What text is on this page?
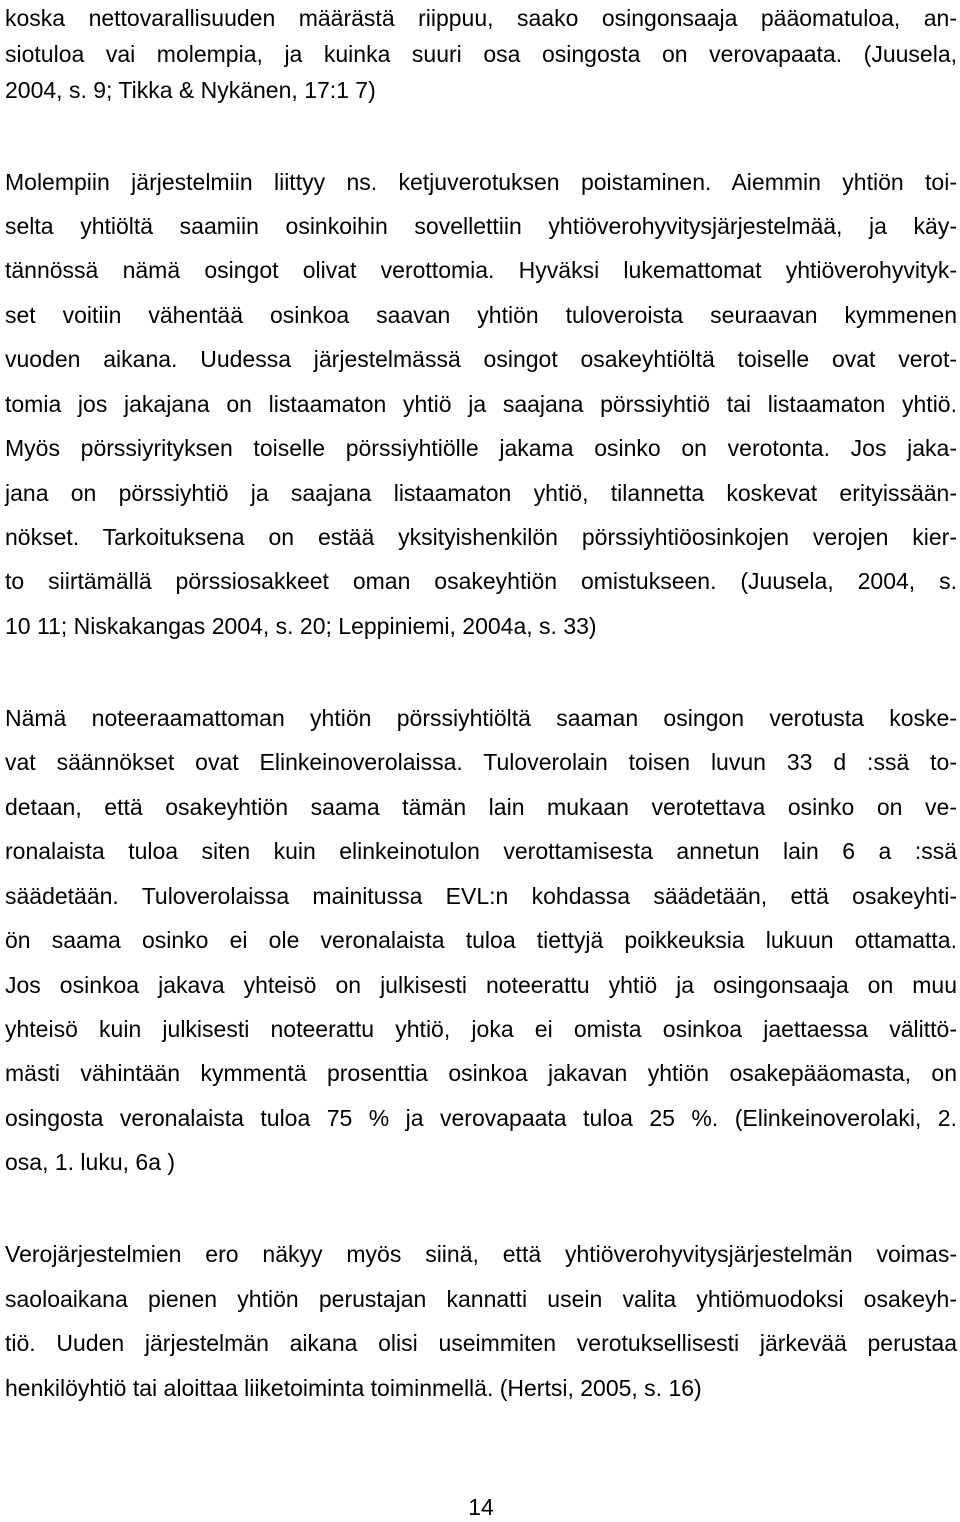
koska nettovarallisuuden määrästä riippuu, saako osingonsaaja pääomatuloa, an-
siotuloa vai molempia, ja kuinka suuri osa osingosta on verovapaata. (Juusela,
2004, s. 9; Tikka & Nykänen, 17:1 7)
Molempiin järjestelmiin liittyy ns. ketjuverotuksen poistaminen. Aiemmin yhtiön toi-
selta yhtiöltä saamiin osinkoihin sovellettiin yhtiöverohyvitysjärjestelmää, ja käy-
tännössä nämä osingot olivat verottomia. Hyväksi lukemattomat yhtiöverohyvityk-
set voitiin vähentää osinkoa saavan yhtiön tuloveroista seuraavan kymmenen
vuoden aikana. Uudessa järjestelmässä osingot osakeyhtiöltä toiselle ovat verot-
tomia jos jakajana on listaamaton yhtiö ja saajana pörssiyhtiö tai listaamaton yhtiö.
Myös pörssiyrityksen toiselle pörssiyhtiölle jakama osinko on verotonta. Jos jaka-
jana on pörssiyhtiö ja saajana listaamaton yhtiö, tilannetta koskevat erityissään-
nökset. Tarkoituksena on estää yksityishenkilön pörssiyhtiöosinkojen verojen kier-
to siirtämällä pörssiosakkeet oman osakeyhtiön omistukseen. (Juusela, 2004, s.
10 11; Niskakangas 2004, s. 20; Leppiniemi, 2004a, s. 33)
Nämä noteeraamattoman yhtiön pörssiyhtiöltä saaman osingon verotusta koske-
vat säännökset ovat Elinkeinoverolaissa. Tuloverolain toisen luvun 33 d :ssä to-
detaan, että osakeyhtiön saama tämän lain mukaan verotettava osinko on ve-
ronalaista tuloa siten kuin elinkeinotulon verottamisesta annetun lain 6 a :ssä
säädetään. Tuloverolaissa mainitussa EVL:n kohdassa säädetään, että osakeyhti-
ön saama osinko ei ole veronalaista tuloa tiettyjä poikkeuksia lukuun ottamatta.
Jos osinkoa jakava yhteisö on julkisesti noteerattu yhtiö ja osingonsaaja on muu
yhteisö kuin julkisesti noteerattu yhtiö, joka ei omista osinkoa jaettaessa välittö-
mästi vähintään kymmentä prosenttia osinkoa jakavan yhtiön osakepääomasta, on
osingosta veronalaista tuloa 75 % ja verovapaata tuloa 25 %. (Elinkeinoverolaki, 2.
osa, 1. luku, 6a )
Verojärjestelmien ero näkyy myös siinä, että yhtiöverohyvitysjärjestelmän voimas-
saoloaikana pienen yhtiön perustajan kannatti usein valita yhtiömuodoksi osakeyh-
tiö. Uuden järjestelmän aikana olisi useimmiten verotuksellisesti järkevää perustaa
henkilöyhtiö tai aloittaa liiketoiminta toiminmellä. (Hertsi, 2005, s. 16)
14
